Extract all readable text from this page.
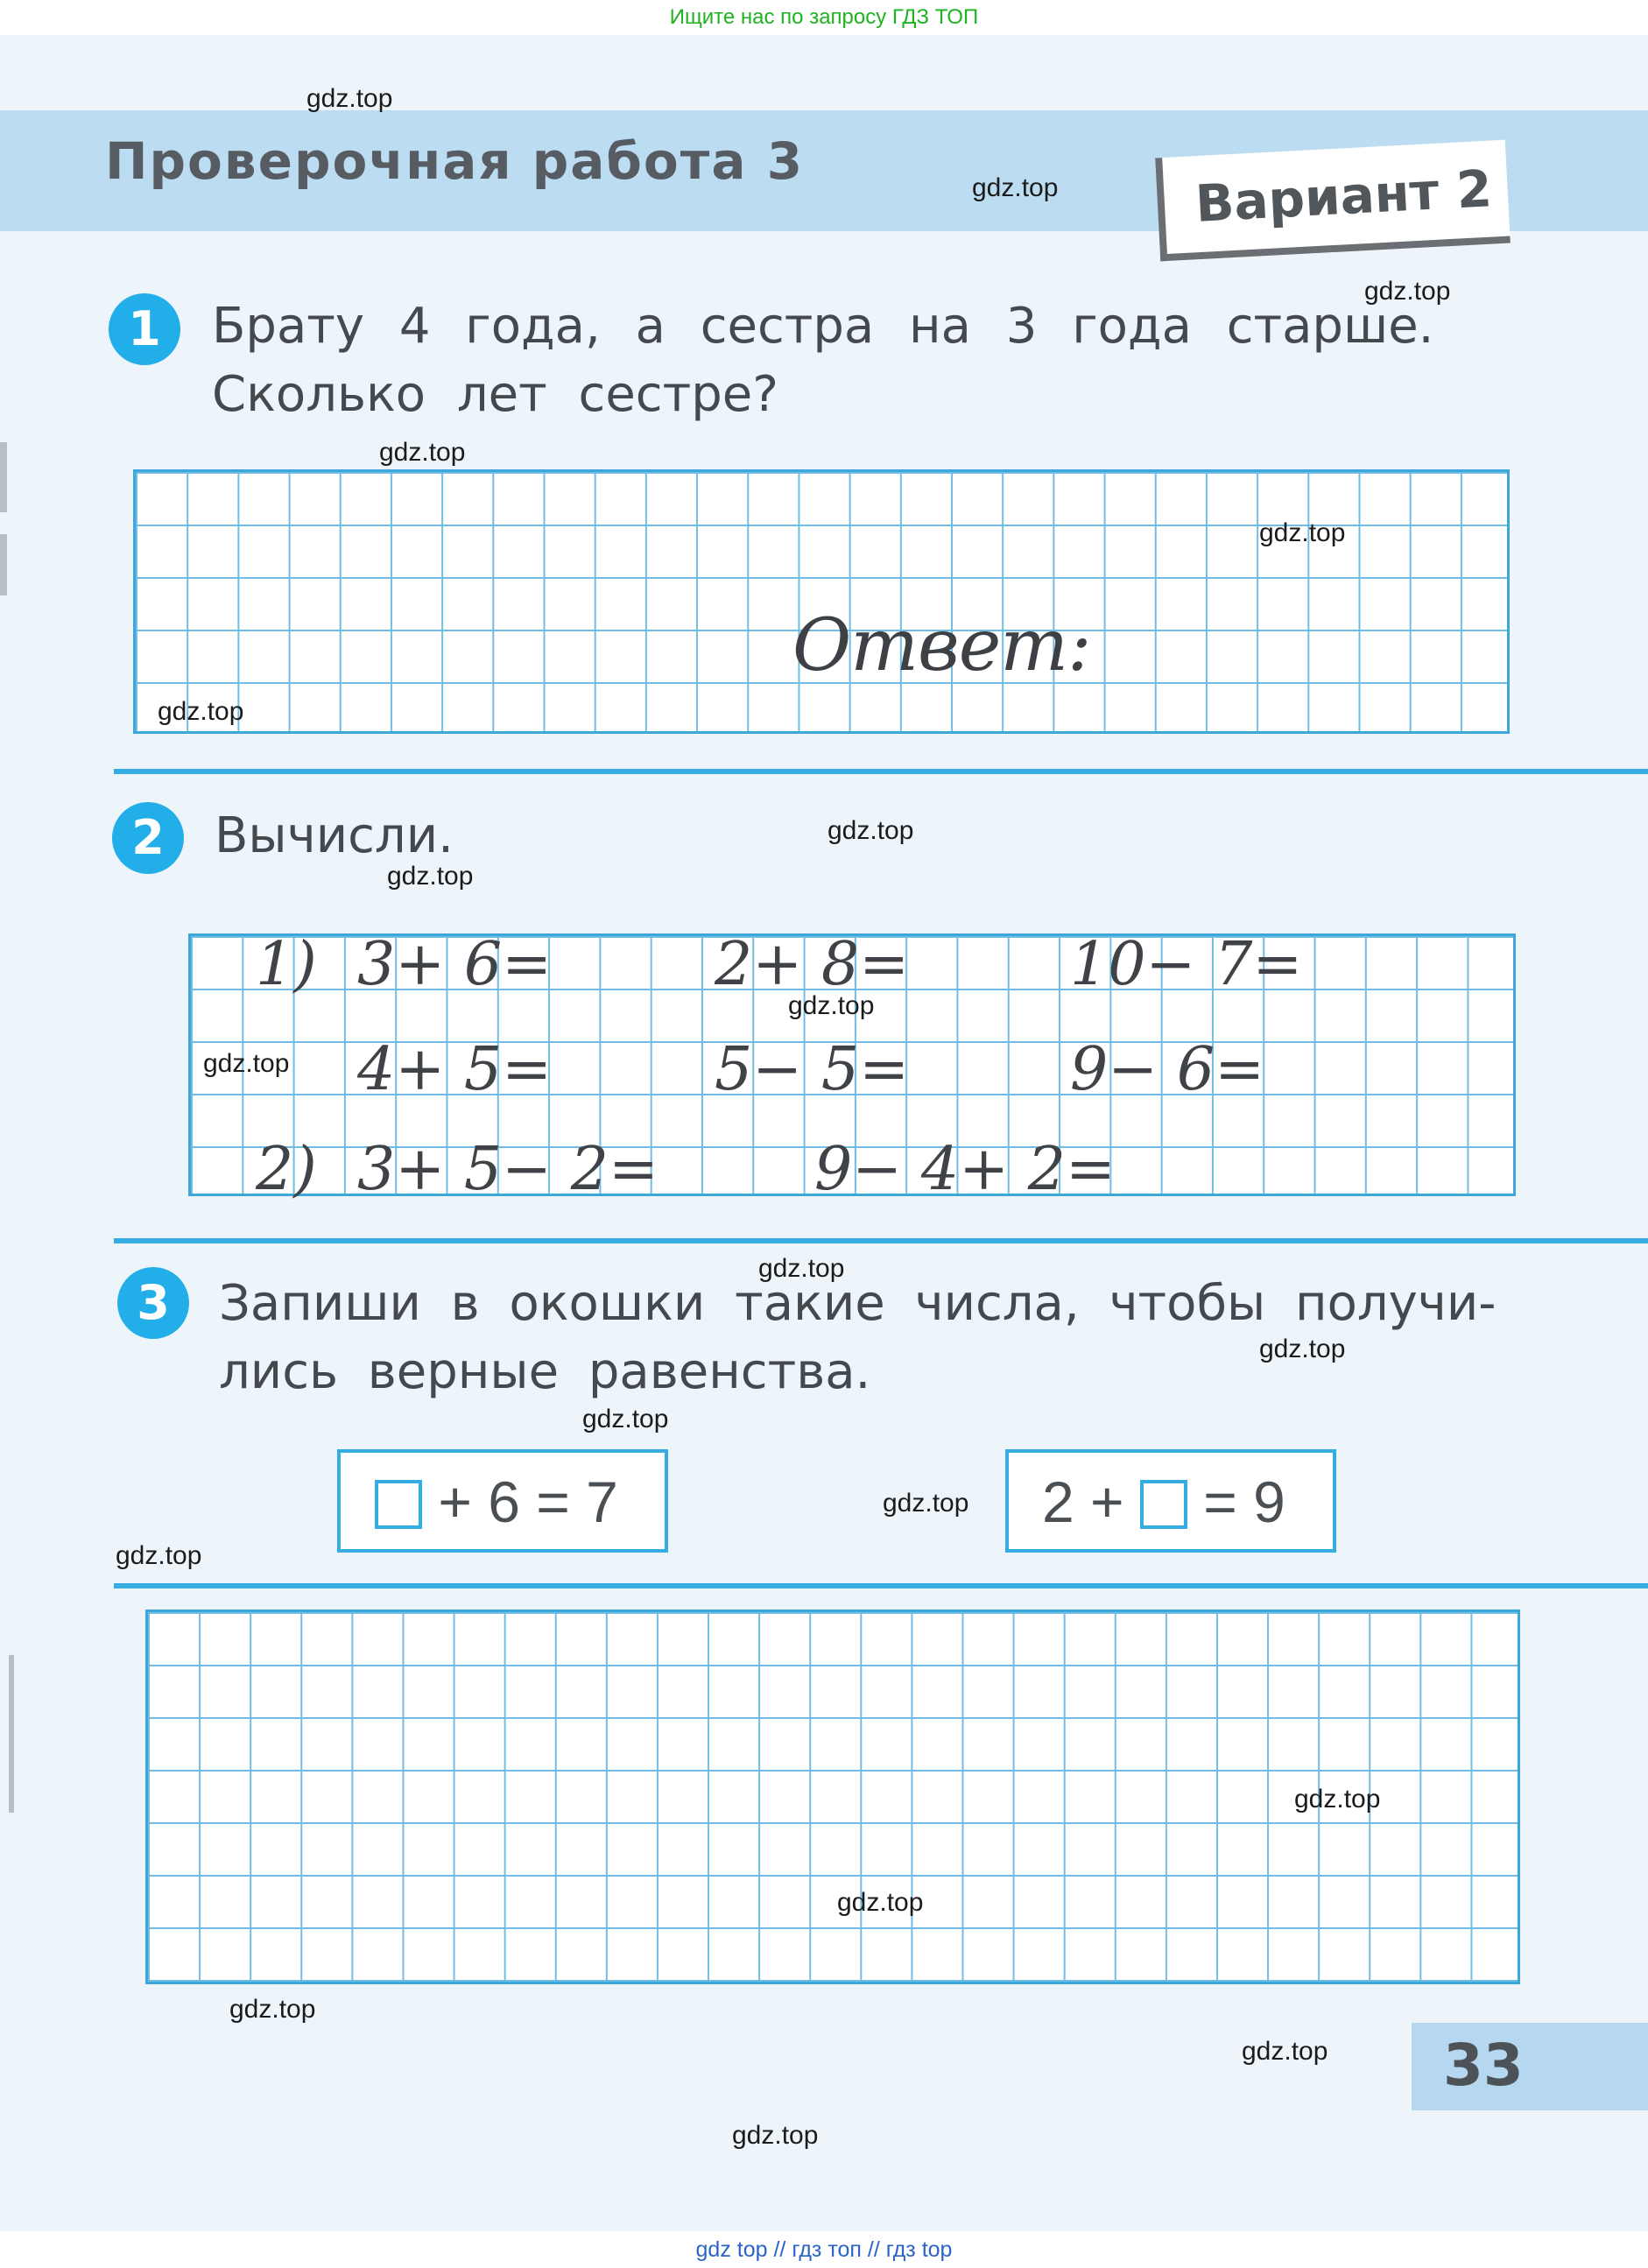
Ищите нас по запросу ГДЗ ТОП
Проверочная работа 3	Вариант 2
1	Брату 4 года, а сестра на 3 года старше.
Сколько лет сестре?
Ответ:
2	Вычисли.
1) 3+ 6=	2+ 8=	10− 7=
4+ 5=	5− 5=	9− 6=
2) 3+ 5− 2=	9− 4+ 2=
3	Запиши в окошки такие числа, чтобы получи-
лись верные равенства.
+ 6 = 7	2 + = 9
33
gdz.top
gdz.top
gdz.top
gdz.top
gdz.top
gdz.top
gdz.top
gdz.top
gdz.top
gdz.top
gdz.top
gdz.top
gdz.top
gdz.top
gdz.top
gdz.top
gdz.top
gdz.top
gdz.top
gdz.top
gdz top // гдз топ // гдз top
